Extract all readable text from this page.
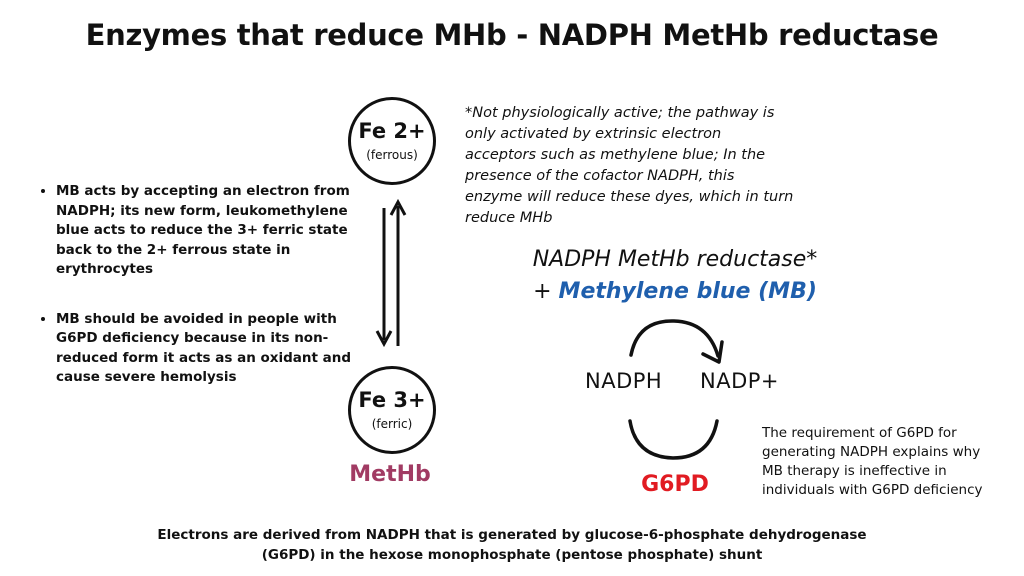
Enzymes that reduce MHb - NADPH MetHb reductase
• MB acts by accepting an electron from NADPH; its new form, leukomethylene blue acts to reduce the 3+ ferric state back to the 2+ ferrous state in erythrocytes
• MB should be avoided in people with G6PD deficiency because in its non-reduced form it acts as an oxidant and cause severe hemolysis
Fe 2+
(ferrous)
Fe 3+
(ferric)
MetHb
*Not physiologically active; the pathway is only activated by extrinsic electron acceptors such as methylene blue; In the presence of the cofactor NADPH, this enzyme will reduce these dyes, which in turn reduce MHb
NADPH MetHb reductase*
+ Methylene blue (MB)
NADPH NADP+
G6PD
The requirement of G6PD for generating NADPH explains why MB therapy is ineffective in individuals with G6PD deficiency
Electrons are derived from NADPH that is generated by glucose-6-phosphate dehydrogenase
(G6PD) in the hexose monophosphate (pentose phosphate) shunt
